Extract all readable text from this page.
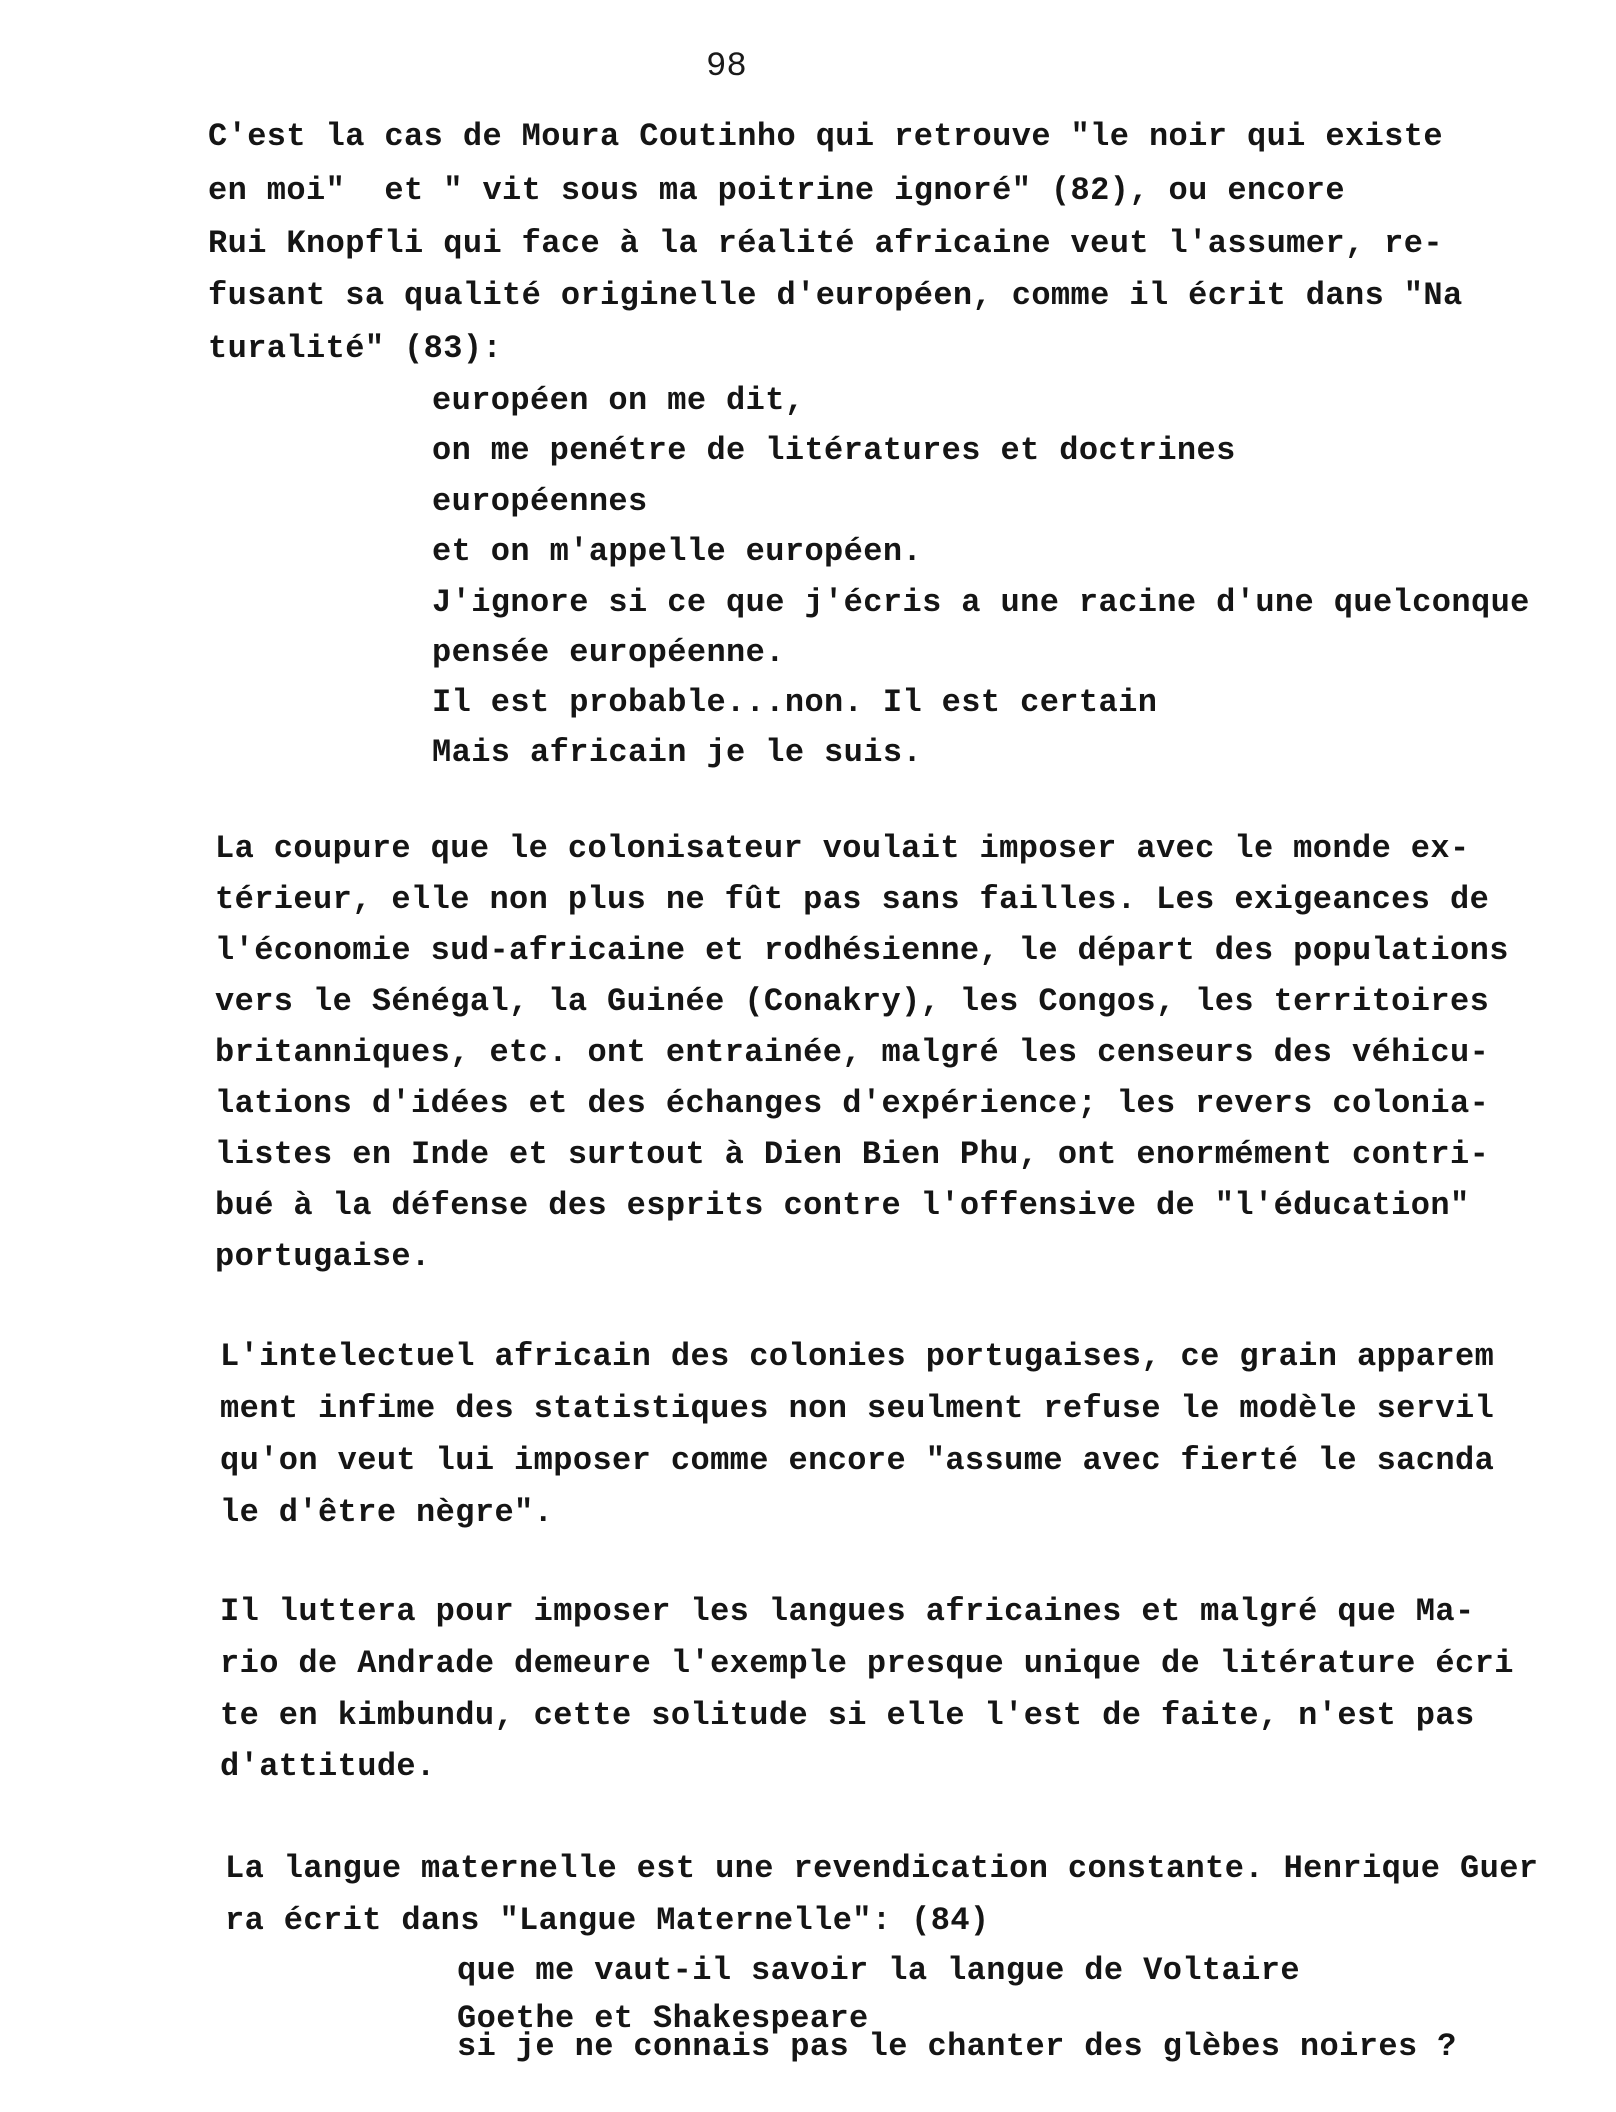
98
C'est la cas de Moura Coutinho qui retrouve "le noir qui existe
en moi"  et " vit sous ma poitrine ignoré" (82), ou encore
Rui Knopfli qui face à la réalité africaine veut l'assumer, re-
fusant sa qualité originelle d'européen, comme il écrit dans "Na
turalité" (83):
européen on me dit,
on me penétre de litératures et doctrines
européennes
et on m'appelle européen.
J'ignore si ce que j'écris a une racine d'une quelconque
pensée européenne.
Il est probable...non. Il est certain
Mais africain je le suis.
La coupure que le colonisateur voulait imposer avec le monde ex-
térieur, elle non plus ne fût pas sans failles. Les exigeances de
l'économie sud-africaine et rodhésienne, le départ des populations
vers le Sénégal, la Guinée (Conakry), les Congos, les territoires
britanniques, etc. ont entrainée, malgré les censeurs des véhicu-
lations d'idées et des échanges d'expérience; les revers colonia-
listes en Inde et surtout à Dien Bien Phu, ont enormément contri-
bué à la défense des esprits contre l'offensive de "l'éducation"
portugaise.
L'intelectuel africain des colonies portugaises, ce grain apparem
ment infime des statistiques non seulment refuse le modèle servil
qu'on veut lui imposer comme encore "assume avec fierté le sacnda
le d'être nègre".
Il luttera pour imposer les langues africaines et malgré que Ma-
rio de Andrade demeure l'exemple presque unique de litérature écri
te en kimbundu, cette solitude si elle l'est de faite, n'est pas
d'attitude.
La langue maternelle est une revendication constante. Henrique Guer
ra écrit dans "Langue Maternelle": (84)
que me vaut-il savoir la langue de Voltaire
Goethe et Shakespeare
si je ne connais pas le chanter des glèbes noires ?
